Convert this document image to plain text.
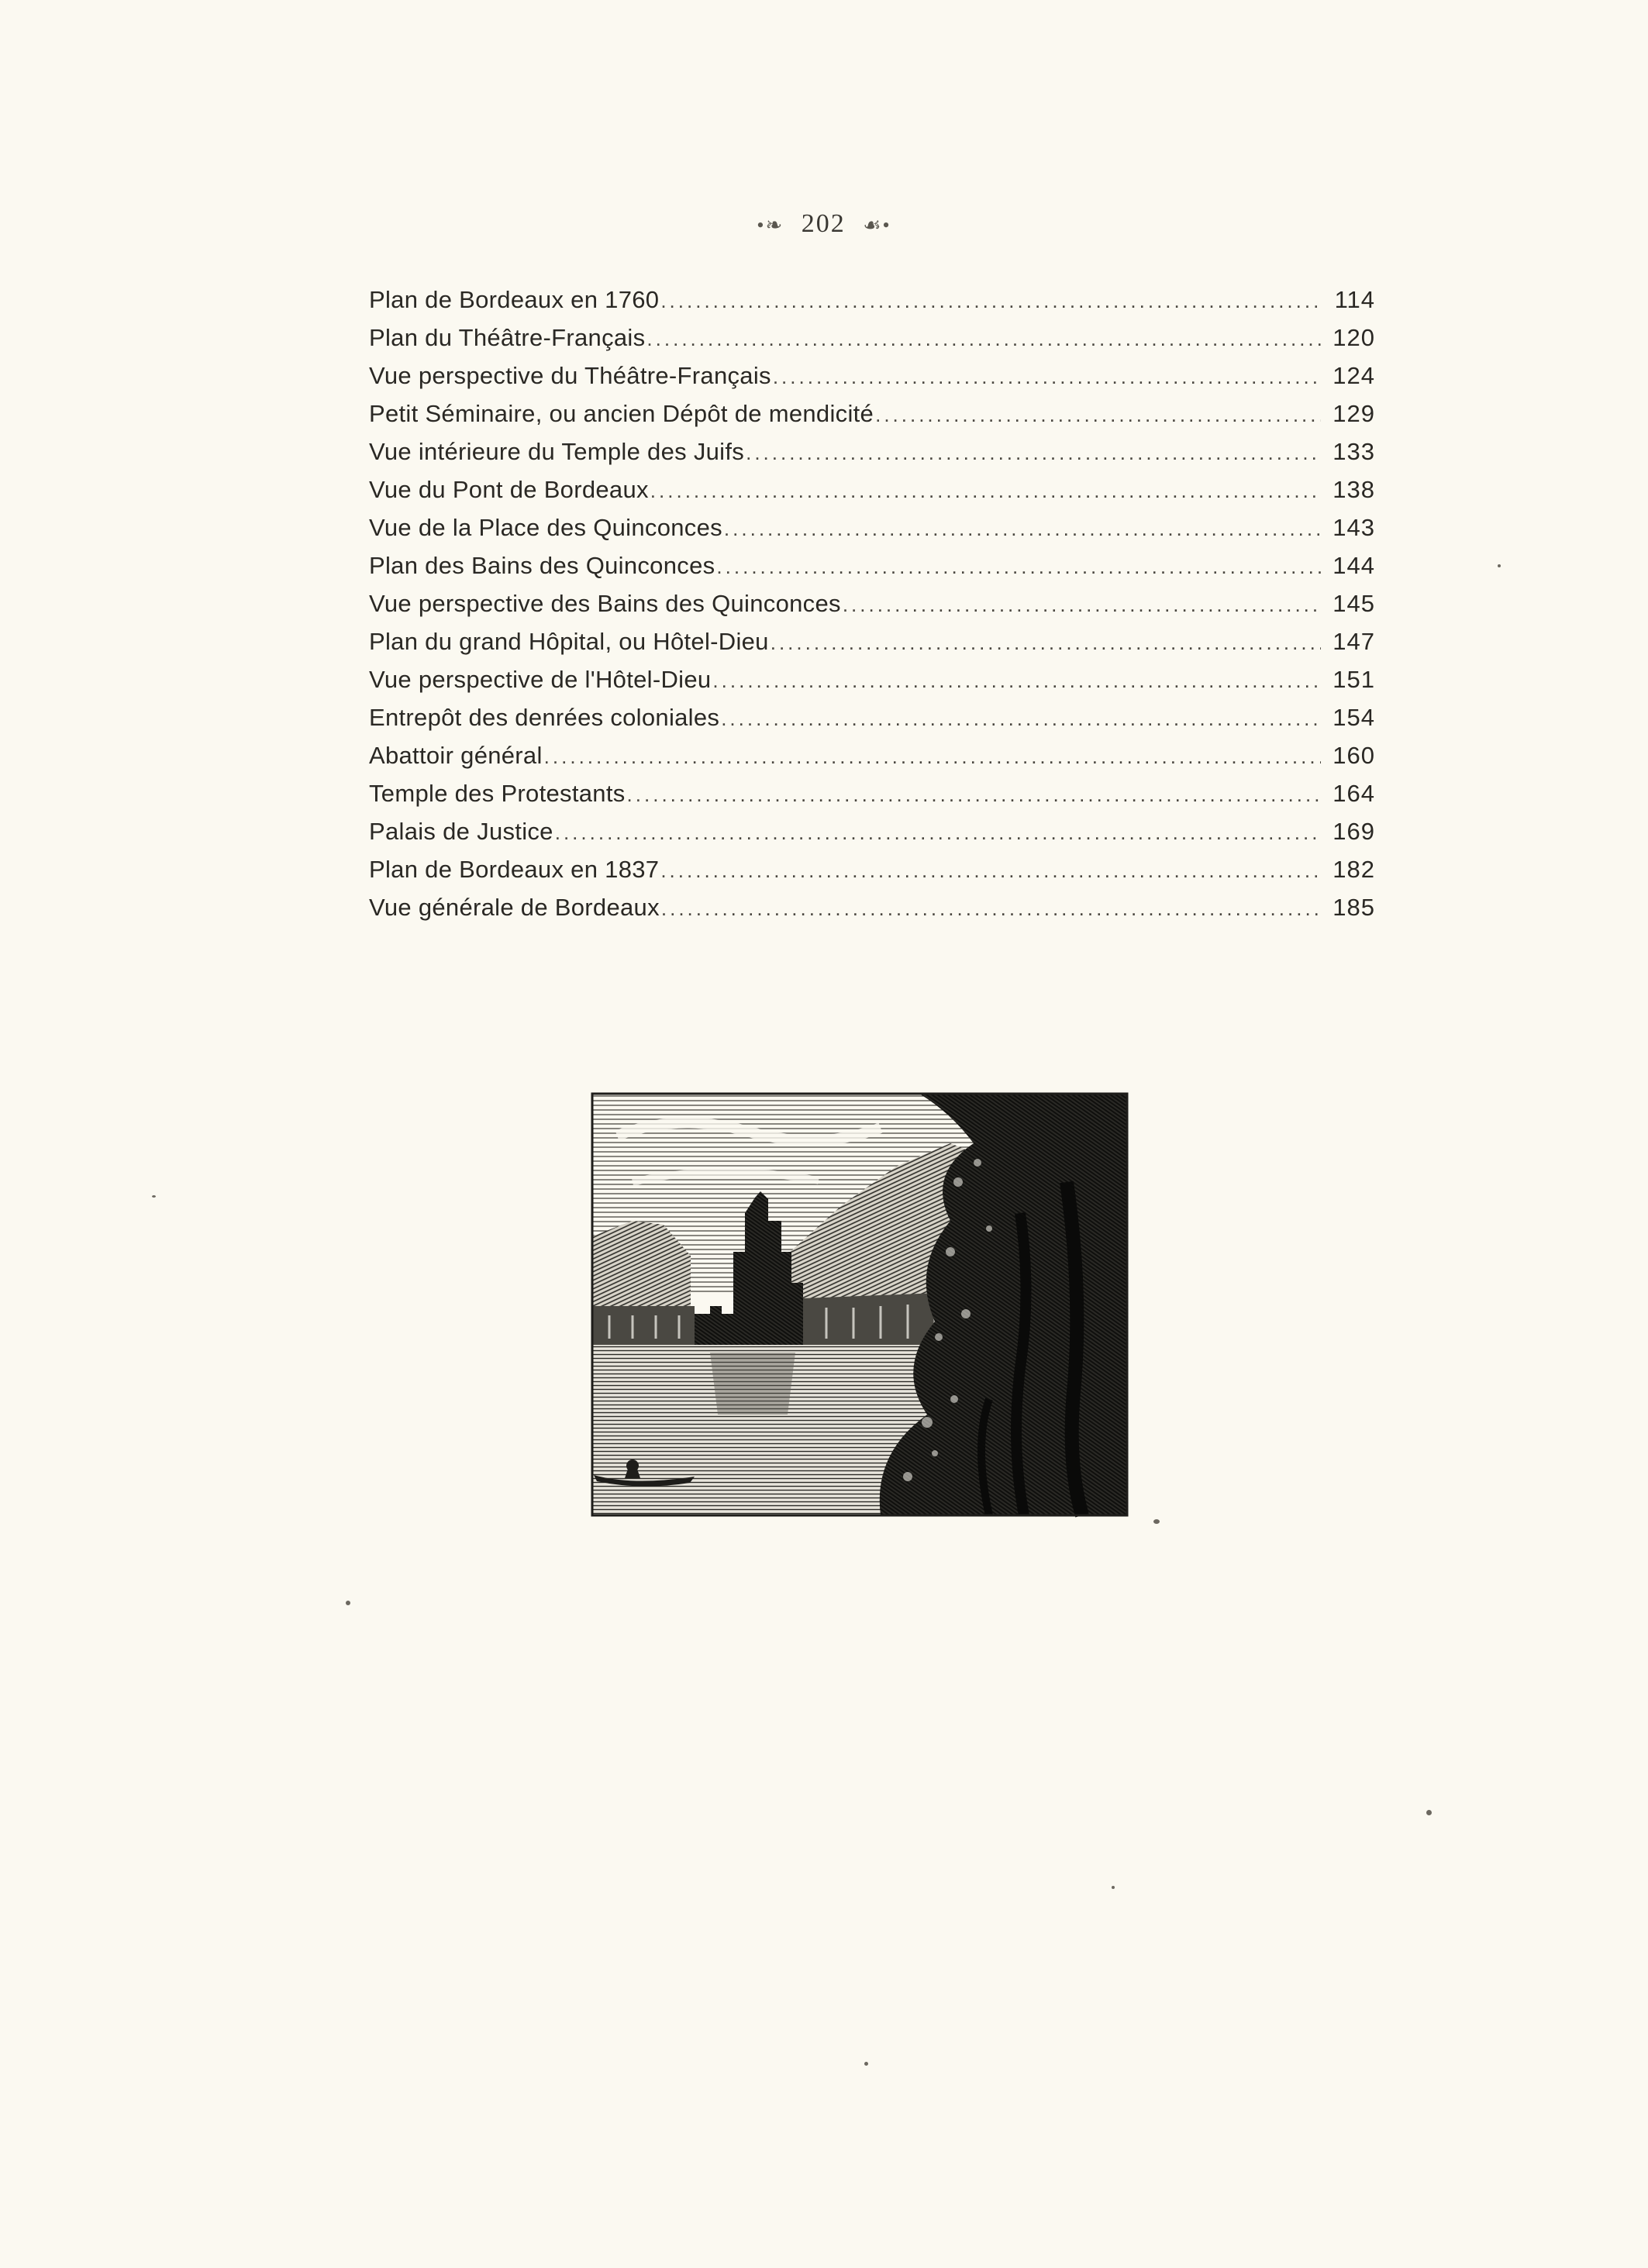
•❧ 202 ☙•
Plan de Bordeaux en 1760 .....	114
Plan du Théâtre-Français .....	120
Vue perspective du Théâtre-Français .....	124
Petit Séminaire, ou ancien Dépôt de mendicité .....	129
Vue intérieure du Temple des Juifs .....	133
Vue du Pont de Bordeaux .....	138
Vue de la Place des Quinconces .....	143
Plan des Bains des Quinconces .....	144
Vue perspective des Bains des Quinconces .....	145
Plan du grand Hôpital, ou Hôtel-Dieu .....	147
Vue perspective de l'Hôtel-Dieu .....	151
Entrepôt des denrées coloniales .....	154
Abattoir général .....	160
Temple des Protestants .....	164
Palais de Justice .....	169
Plan de Bordeaux en 1837 .....	182
Vue générale de Bordeaux .....	185
